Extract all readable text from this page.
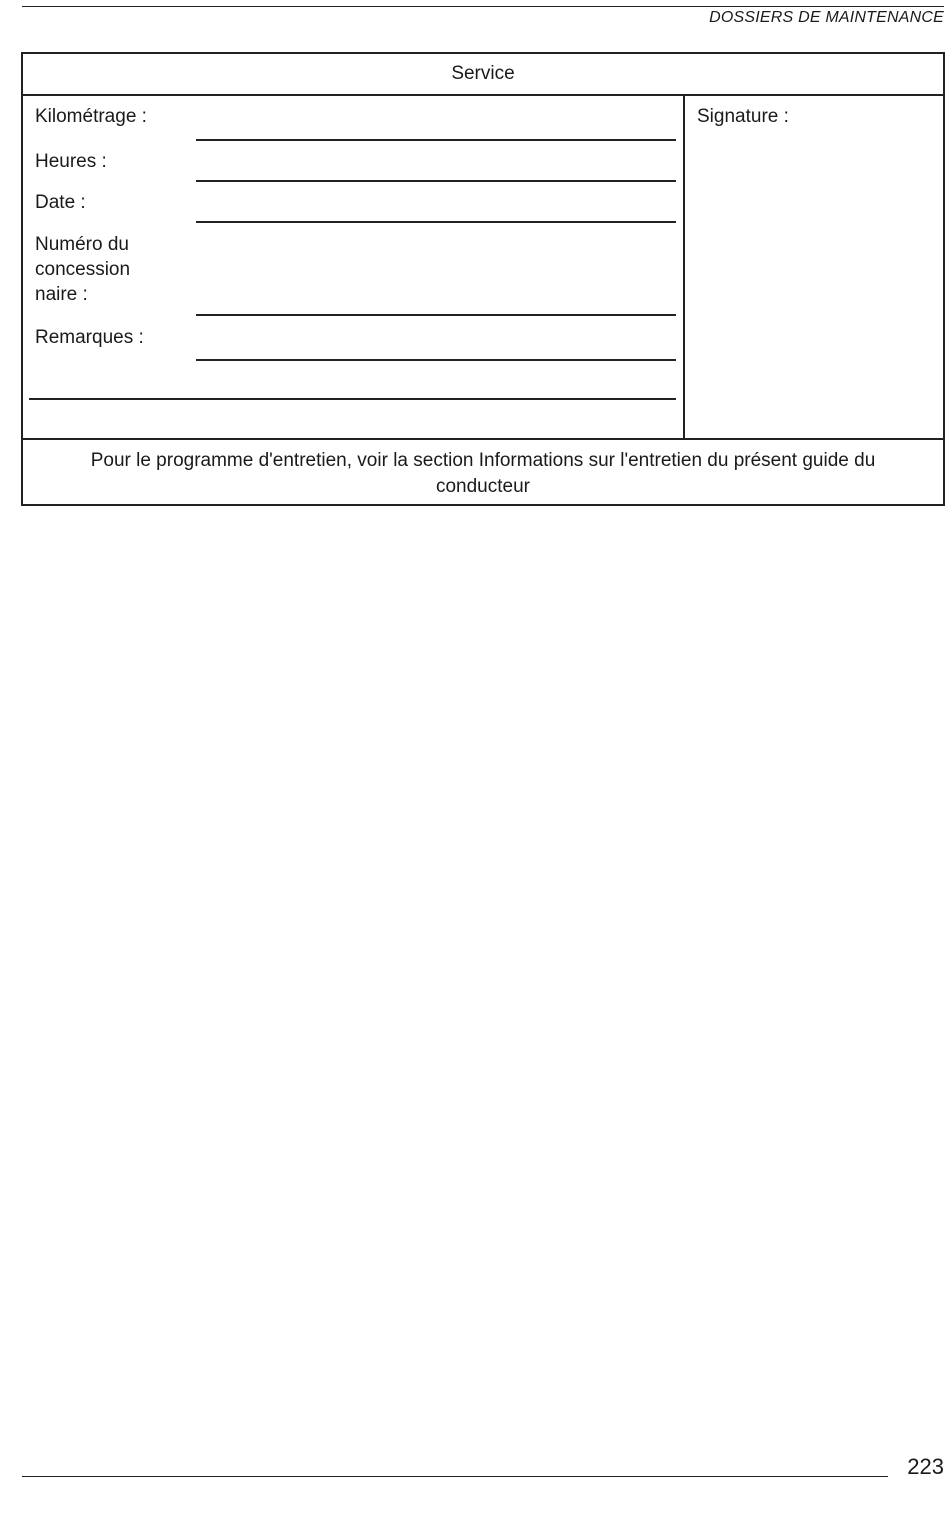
DOSSIERS DE MAINTENANCE
Service
Kilométrage :
Heures :
Date :
Numéro du concession naire :
Remarques :
Signature :
Pour le programme d'entretien, voir la section Informations sur l'entretien du présent guide du conducteur
223
